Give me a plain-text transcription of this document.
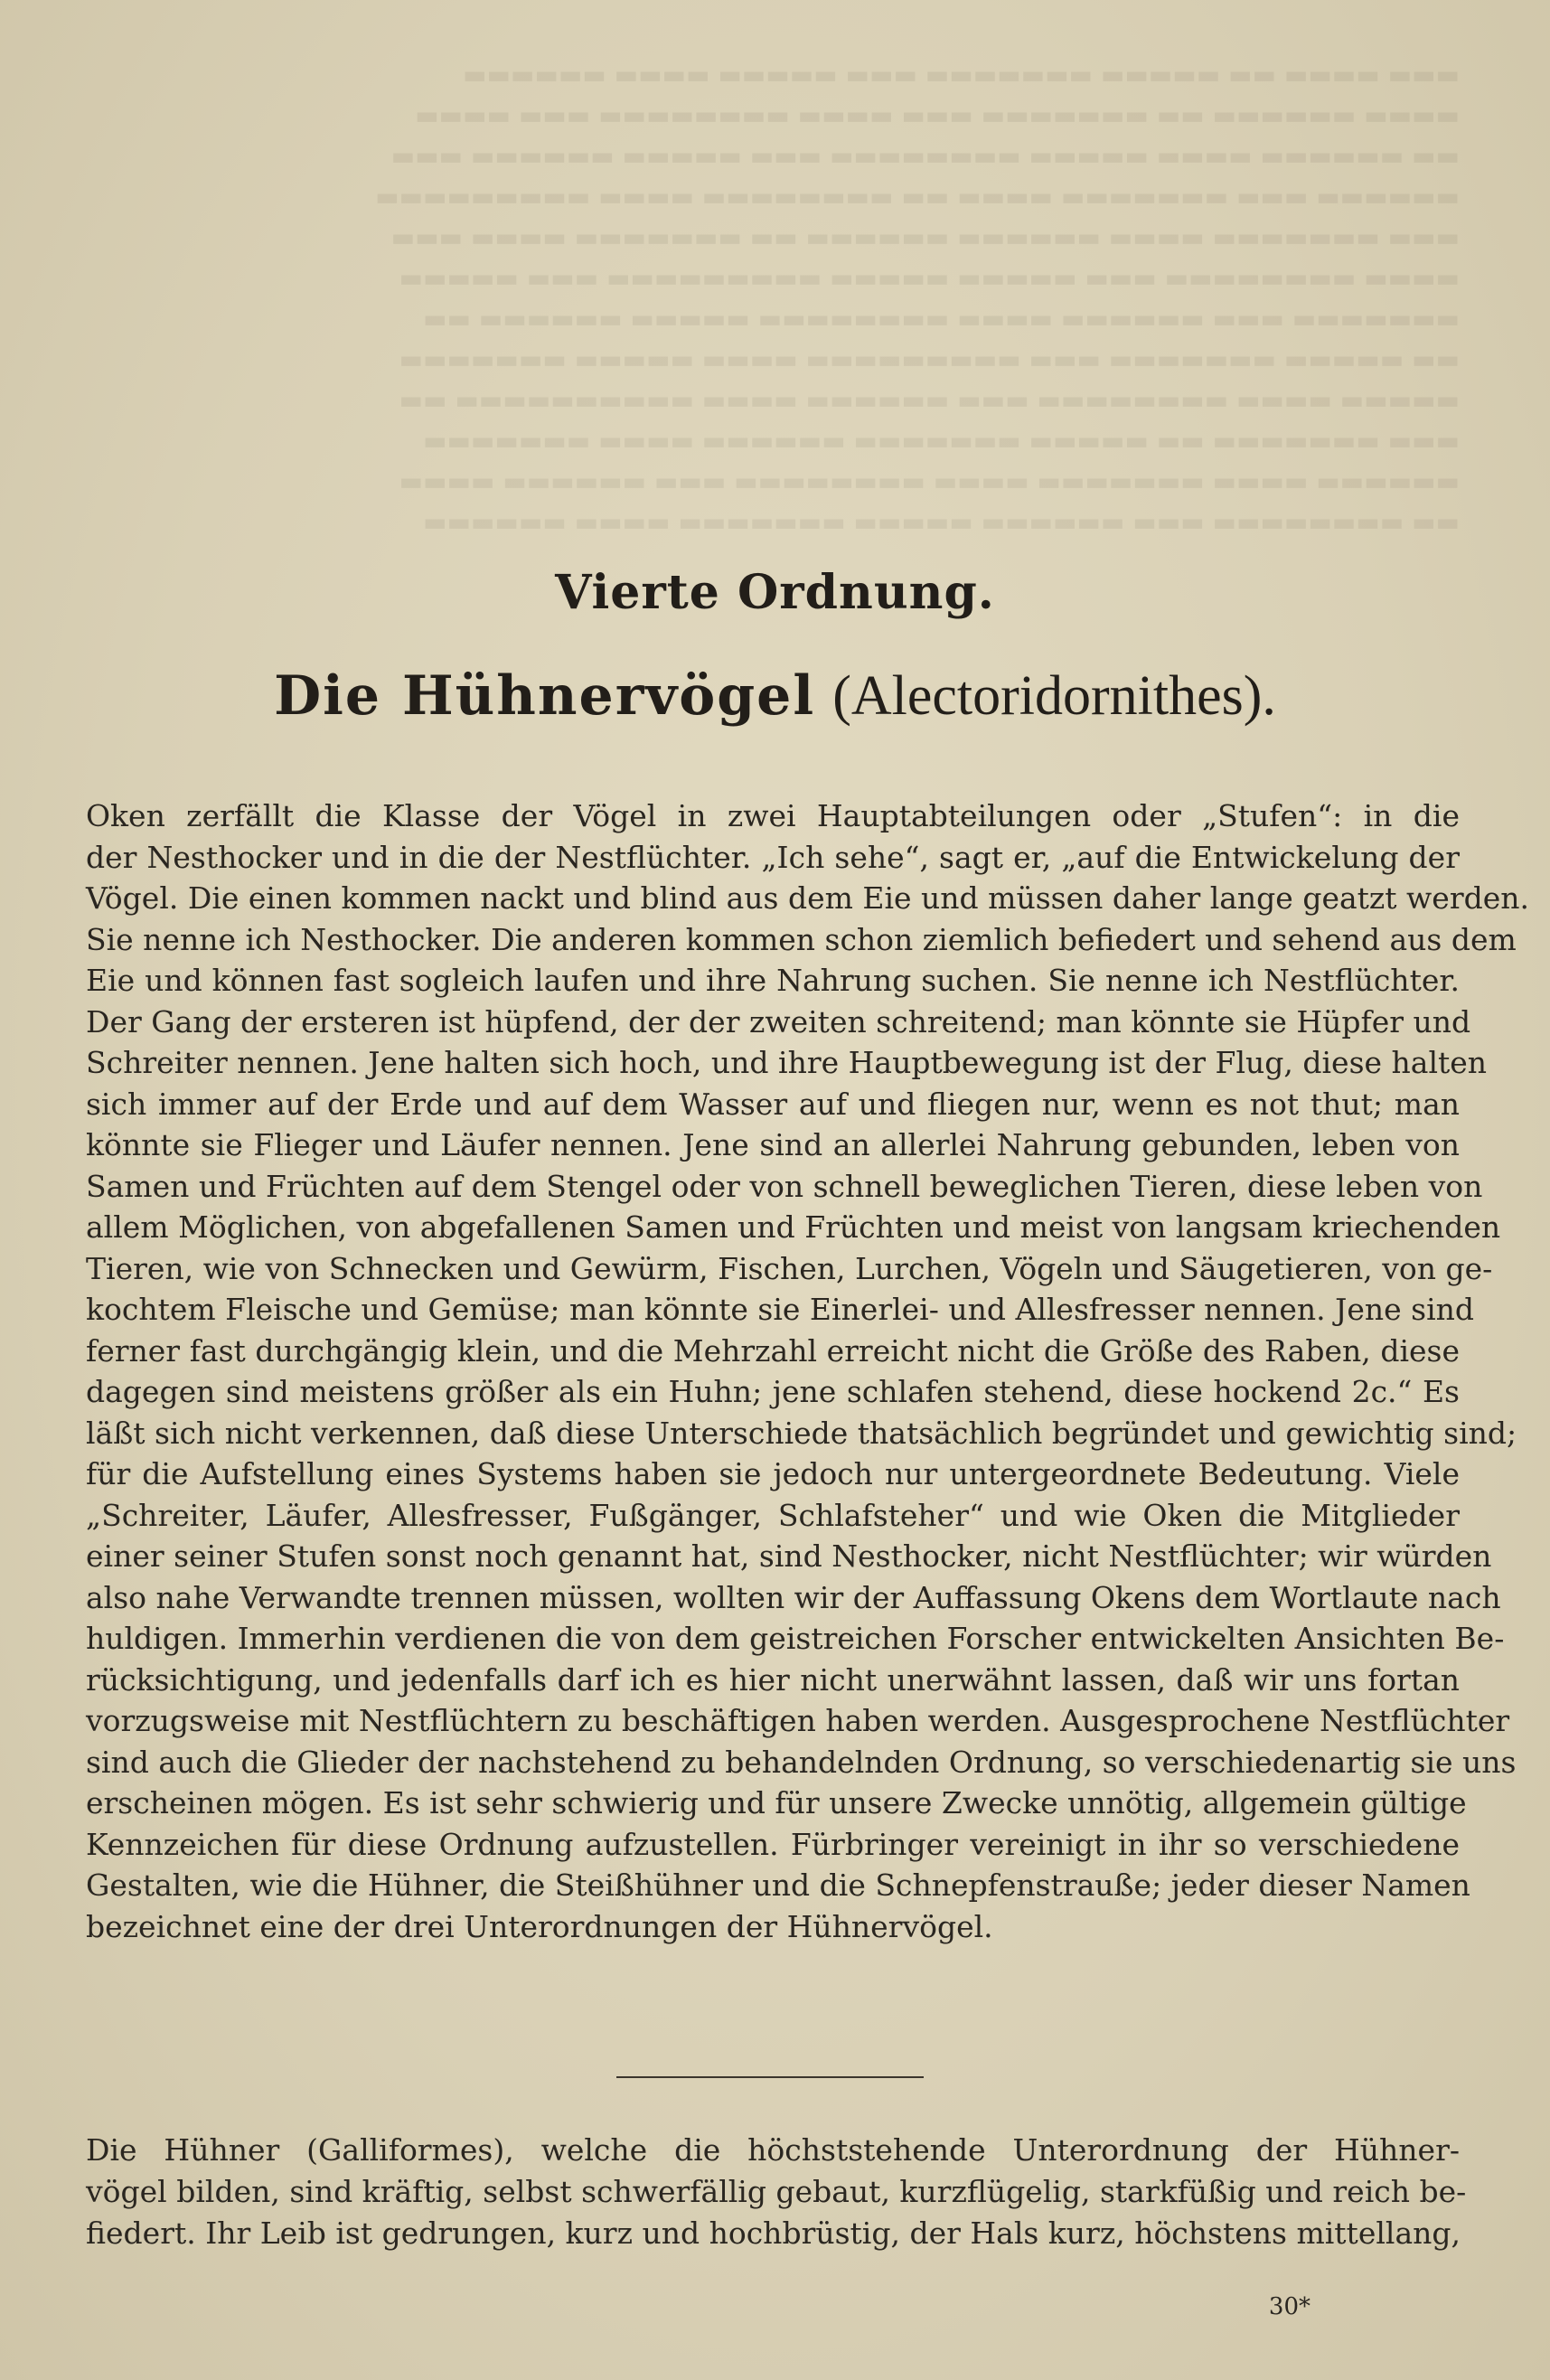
▬▬▬ ▬▬▬▬ ▬▬ ▬▬▬▬▬ ▬▬▬▬▬▬▬ ▬▬▬ ▬▬▬▬▬ ▬▬▬▬ ▬▬▬▬▬▬
▬▬▬▬ ▬▬▬▬▬▬ ▬▬ ▬▬▬▬▬▬▬ ▬▬▬ ▬▬▬▬ ▬▬▬▬▬▬▬▬ ▬▬▬ ▬▬▬▬
▬▬ ▬▬▬▬▬▬ ▬▬▬▬ ▬▬▬▬▬ ▬▬▬▬▬▬▬▬ ▬▬▬ ▬▬▬▬▬ ▬▬▬▬▬▬ ▬▬▬
▬▬▬▬▬▬ ▬▬▬ ▬▬▬▬▬▬▬ ▬▬▬▬ ▬▬ ▬▬▬▬▬▬▬▬ ▬▬▬▬ ▬▬▬▬▬▬▬▬▬
▬▬▬ ▬▬▬▬▬▬▬ ▬▬▬▬ ▬▬▬▬▬▬ ▬▬▬▬▬▬ ▬▬ ▬▬▬▬▬▬▬ ▬▬▬▬ ▬▬▬
▬▬▬▬ ▬▬▬▬▬▬▬▬ ▬▬▬ ▬▬▬▬▬ ▬▬▬▬▬ ▬▬▬▬▬▬▬▬▬ ▬▬▬ ▬▬▬▬▬
▬▬▬▬▬▬▬ ▬▬▬ ▬▬▬▬▬▬ ▬▬▬▬ ▬▬▬▬▬▬▬▬ ▬▬▬▬▬ ▬▬▬▬▬▬ ▬▬
▬▬ ▬▬▬▬▬ ▬▬▬▬▬▬▬ ▬▬▬ ▬▬▬▬▬▬▬▬▬ ▬▬▬▬ ▬▬▬▬▬ ▬▬▬▬▬▬▬
▬▬▬▬▬ ▬▬▬▬ ▬▬▬▬▬▬▬▬ ▬▬▬ ▬▬▬▬▬▬ ▬▬▬▬ ▬▬▬▬▬▬▬▬▬▬ ▬▬
▬▬▬ ▬▬▬▬▬▬▬ ▬▬ ▬▬▬▬▬ ▬▬▬▬▬▬▬ ▬▬▬▬▬▬ ▬▬▬▬ ▬▬▬▬▬▬▬
▬▬▬▬▬▬ ▬▬▬▬ ▬▬▬▬▬▬▬ ▬▬▬▬ ▬▬▬▬▬▬▬▬ ▬▬▬ ▬▬▬▬▬▬ ▬▬▬▬
▬▬ ▬▬▬▬▬▬▬▬ ▬▬▬ ▬▬▬▬▬▬ ▬▬▬▬▬ ▬▬▬▬▬▬▬ ▬▬▬▬ ▬▬▬▬▬▬
Vierte Ordnung.
Die Hühnervögel (Alectoridornithes).
Oken zerfällt die Klasse der Vögel in zwei Hauptabteilungen oder „Stufen“: in die
der Nesthocker und in die der Nestflüchter. „Ich sehe“, sagt er, „auf die Entwickelung der
Vögel. Die einen kommen nackt und blind aus dem Eie und müssen daher lange geatzt werden.
Sie nenne ich Nesthocker. Die anderen kommen schon ziemlich befiedert und sehend aus dem
Eie und können fast sogleich laufen und ihre Nahrung suchen. Sie nenne ich Nestflüchter.
Der Gang der ersteren ist hüpfend, der der zweiten schreitend; man könnte sie Hüpfer und
Schreiter nennen. Jene halten sich hoch, und ihre Hauptbewegung ist der Flug, diese halten
sich immer auf der Erde und auf dem Wasser auf und fliegen nur, wenn es not thut; man
könnte sie Flieger und Läufer nennen. Jene sind an allerlei Nahrung gebunden, leben von
Samen und Früchten auf dem Stengel oder von schnell beweglichen Tieren, diese leben von
allem Möglichen, von abgefallenen Samen und Früchten und meist von langsam kriechenden
Tieren, wie von Schnecken und Gewürm, Fischen, Lurchen, Vögeln und Säugetieren, von ge-
kochtem Fleische und Gemüse; man könnte sie Einerlei- und Allesfresser nennen. Jene sind
ferner fast durchgängig klein, und die Mehrzahl erreicht nicht die Größe des Raben, diese
dagegen sind meistens größer als ein Huhn; jene schlafen stehend, diese hockend 2c.“ Es
läßt sich nicht verkennen, daß diese Unterschiede thatsächlich begründet und gewichtig sind;
für die Aufstellung eines Systems haben sie jedoch nur untergeordnete Bedeutung. Viele
„Schreiter, Läufer, Allesfresser, Fußgänger, Schlafsteher“ und wie Oken die Mitglieder
einer seiner Stufen sonst noch genannt hat, sind Nesthocker, nicht Nestflüchter; wir würden
also nahe Verwandte trennen müssen, wollten wir der Auffassung Okens dem Wortlaute nach
huldigen. Immerhin verdienen die von dem geistreichen Forscher entwickelten Ansichten Be-
rücksichtigung, und jedenfalls darf ich es hier nicht unerwähnt lassen, daß wir uns fortan
vorzugsweise mit Nestflüchtern zu beschäftigen haben werden. Ausgesprochene Nestflüchter
sind auch die Glieder der nachstehend zu behandelnden Ordnung, so verschiedenartig sie uns
erscheinen mögen. Es ist sehr schwierig und für unsere Zwecke unnötig, allgemein gültige
Kennzeichen für diese Ordnung aufzustellen. Fürbringer vereinigt in ihr so verschiedene
Gestalten, wie die Hühner, die Steißhühner und die Schnepfenstrauße; jeder dieser Namen
bezeichnet eine der drei Unterordnungen der Hühnervögel.
Die Hühner (Galliformes), welche die höchststehende Unterordnung der Hühner-
vögel bilden, sind kräftig, selbst schwerfällig gebaut, kurzflügelig, starkfüßig und reich be-
fiedert. Ihr Leib ist gedrungen, kurz und hochbrüstig, der Hals kurz, höchstens mittellang,
30*
